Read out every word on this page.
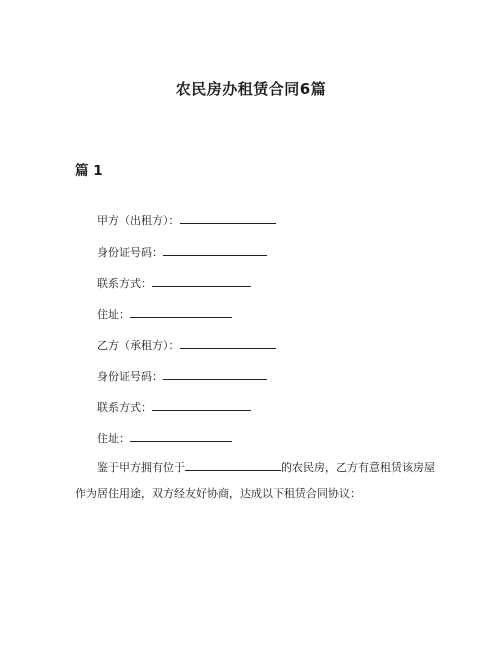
农民房办租赁合同6篇
篇 1
甲方（出租方）：
身份证号码：
联系方式：
住址：
乙方（承租方）：
身份证号码：
联系方式：
住址：
鉴于甲方拥有位于	的农民房，乙方有意租赁该房屋
作为居住用途，双方经友好协商，达成以下租赁合同协议：
